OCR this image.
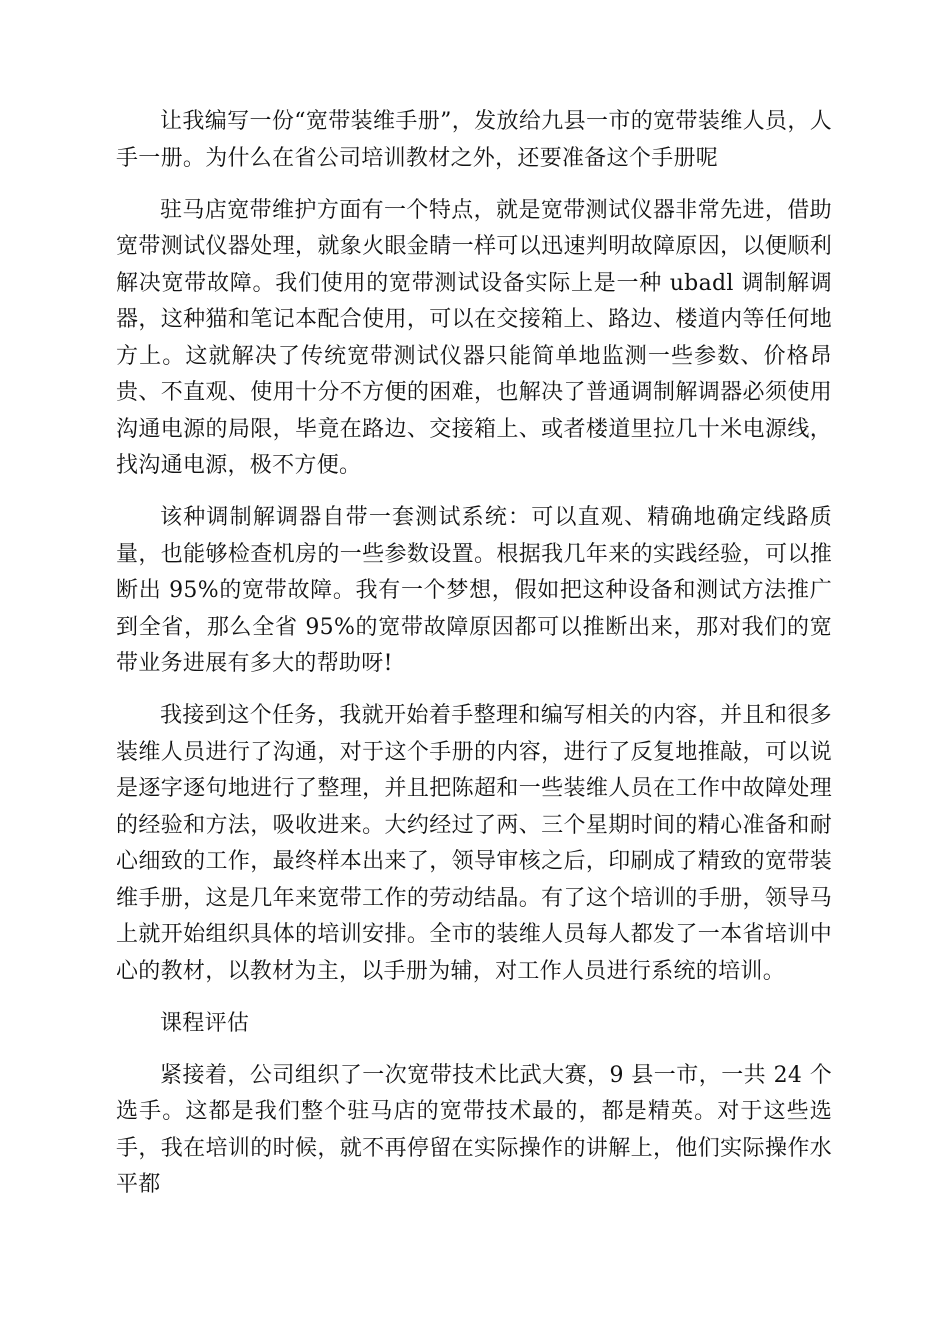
让我编写一份“宽带装维手册”，发放给九县一市的宽带装维人员，人手一册。为什么在省公司培训教材之外，还要准备这个手册呢

驻马店宽带维护方面有一个特点，就是宽带测试仪器非常先进，借助宽带测试仪器处理，就象火眼金睛一样可以迅速判明故障原因，以便顺利解决宽带故障。我们使用的宽带测试设备实际上是一种 ubadl 调制解调器，这种猫和笔记本配合使用，可以在交接箱上、路边、楼道内等任何地方上。这就解决了传统宽带测试仪器只能简单地监测一些参数、价格昂贵、不直观、使用十分不方便的困难，也解决了普通调制解调器必须使用沟通电源的局限，毕竟在路边、交接箱上、或者楼道里拉几十米电源线，找沟通电源，极不方便。

该种调制解调器自带一套测试系统：可以直观、精确地确定线路质量，也能够检查机房的一些参数设置。根据我几年来的实践经验，可以推断出 95%的宽带故障。我有一个梦想，假如把这种设备和测试方法推广到全省，那么全省 95%的宽带故障原因都可以推断出来，那对我们的宽带业务进展有多大的帮助呀!

我接到这个任务，我就开始着手整理和编写相关的内容，并且和很多装维人员进行了沟通，对于这个手册的内容，进行了反复地推敲，可以说是逐字逐句地进行了整理，并且把陈超和一些装维人员在工作中故障处理的经验和方法，吸收进来。大约经过了两、三个星期时间的精心准备和耐心细致的工作，最终样本出来了，领导审核之后，印刷成了精致的宽带装维手册，这是几年来宽带工作的劳动结晶。有了这个培训的手册，领导马上就开始组织具体的培训安排。全市的装维人员每人都发了一本省培训中心的教材，以教材为主，以手册为辅，对工作人员进行系统的培训。

课程评估

紧接着，公司组织了一次宽带技术比武大赛，9 县一市，一共 24 个选手。这都是我们整个驻马店的宽带技术最的，都是精英。对于这些选手，我在培训的时候，就不再停留在实际操作的讲解上，他们实际操作水平都
